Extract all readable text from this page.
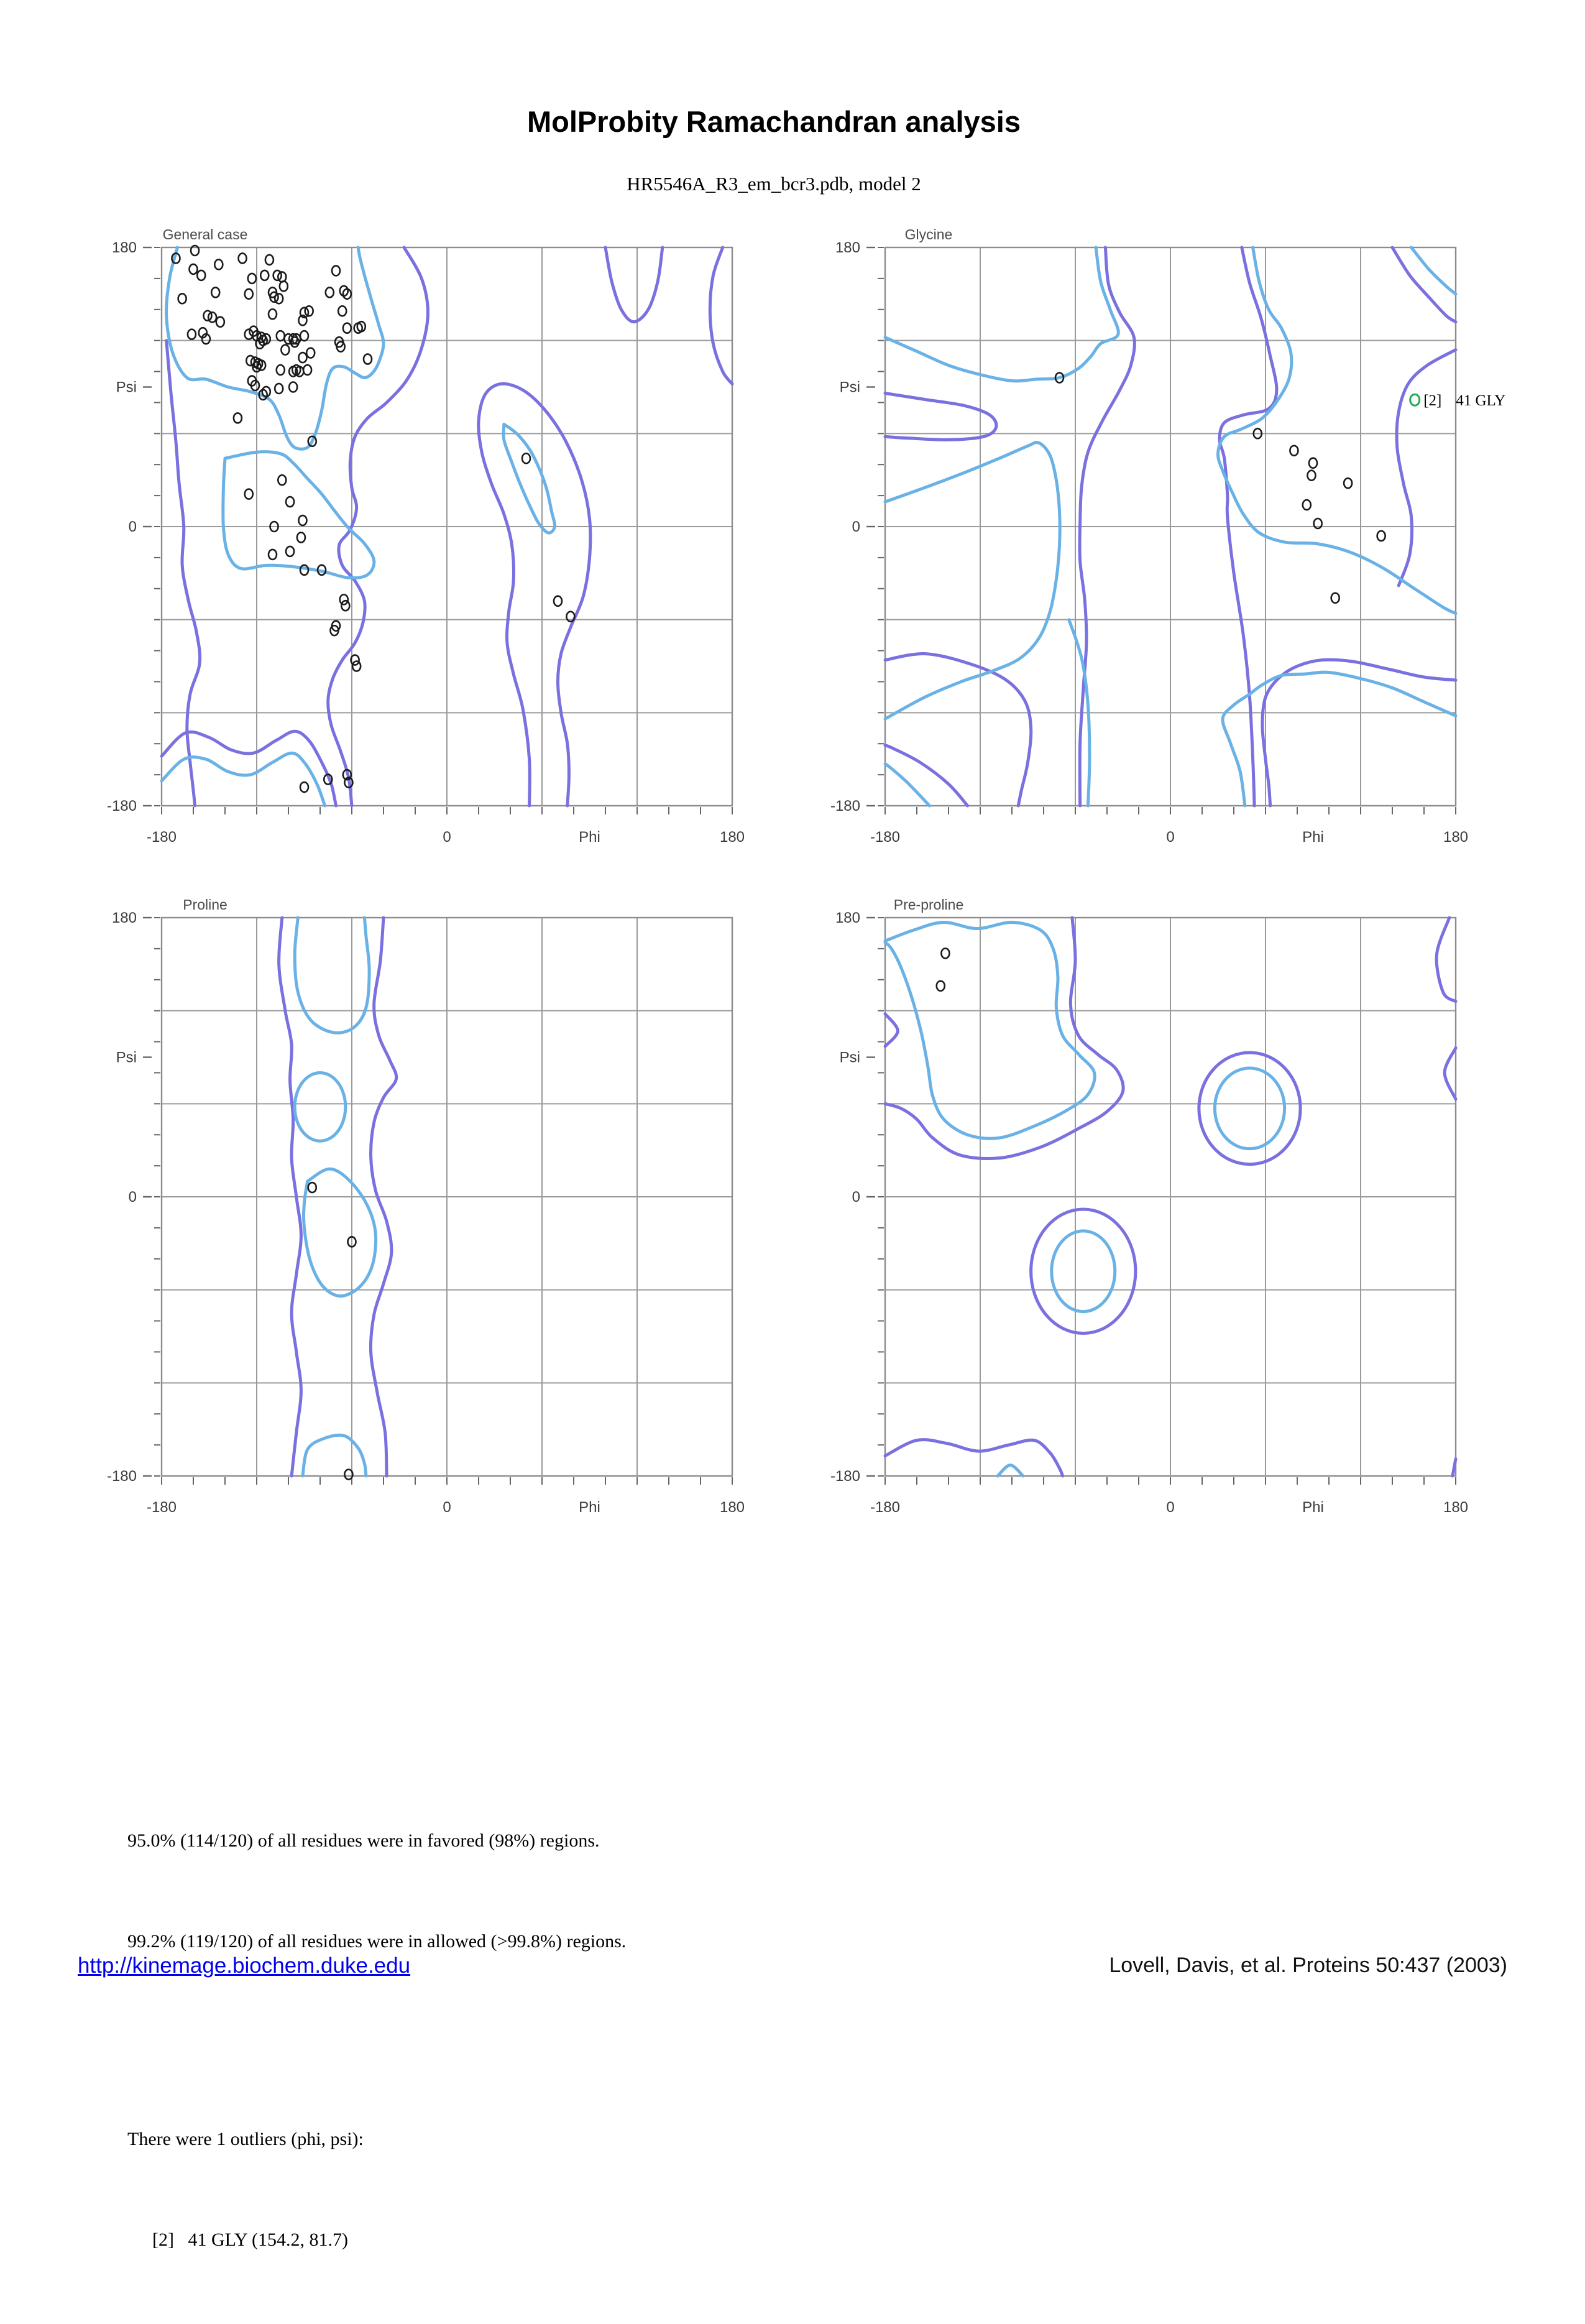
MolProbity Ramachandran analysis
HR5546A_R3_em_bcr3.pdb, model 2
General case
180
Psi
0
-180
-180	0	Phi	180
Glycine
180
Psi
0
-180
-180	0	Phi	180
[2] 41 GLY
Proline
180
Psi
0
-180
-180	0	Phi	180
Pre-proline
180
Psi
0
-180
-180	0	Phi	180

95.0% (114/120) of all residues were in favored (98%) regions.

99.2% (119/120) of all residues were in allowed (>99.8%) regions.

There were 1 outliers (phi, psi):

[2]   41 GLY (154.2, 81.7)

http://kinemage.biochem.duke.edu	Lovell, Davis, et al. Proteins 50:437 (2003)
